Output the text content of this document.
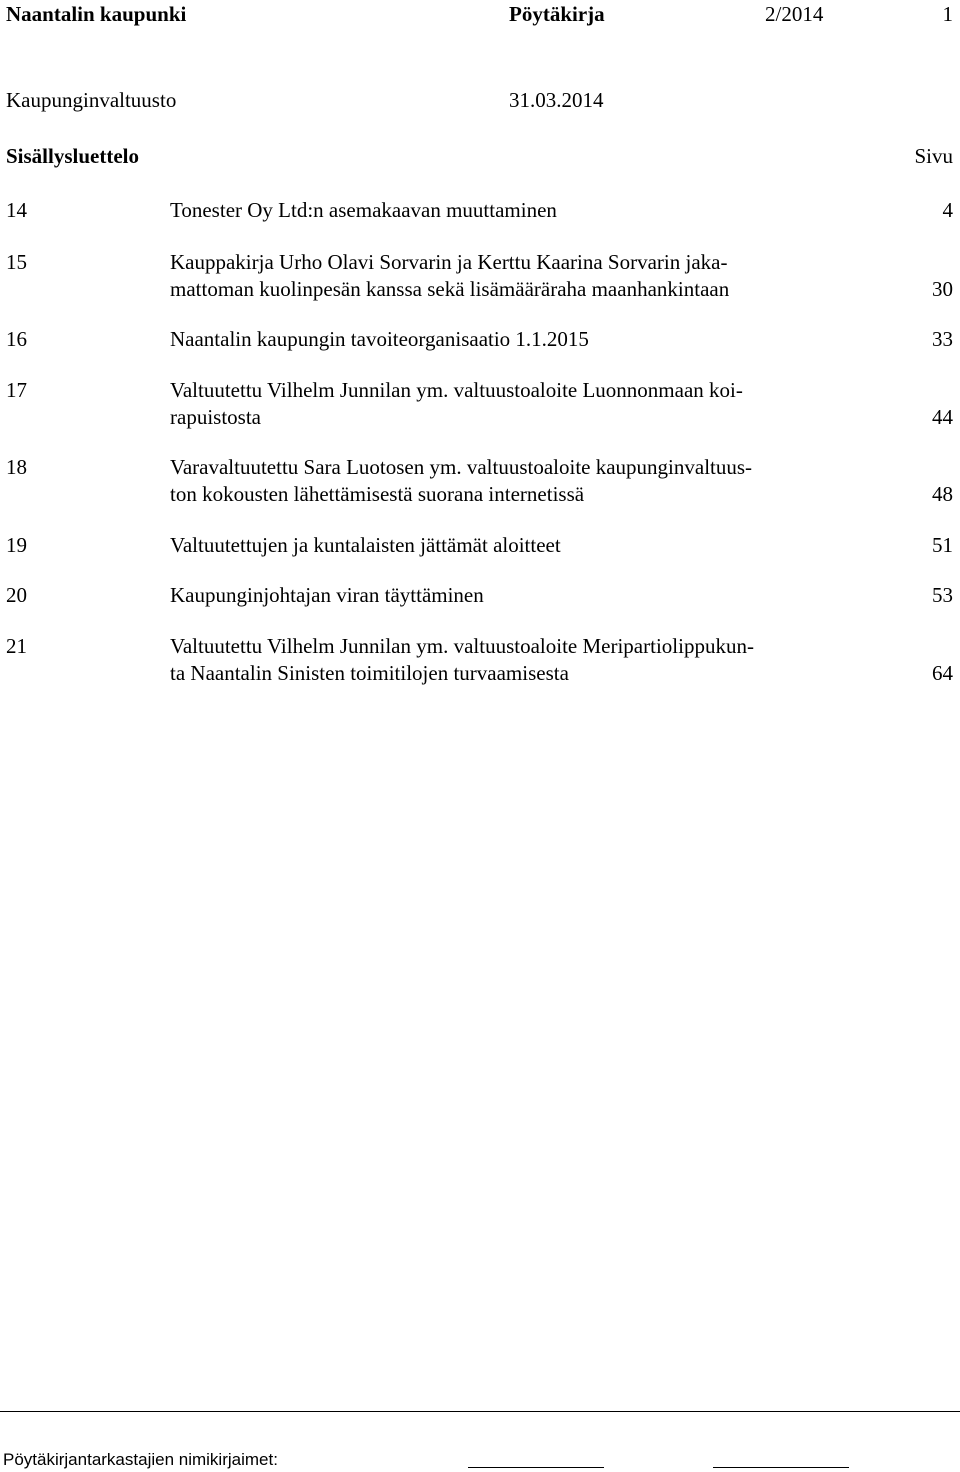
Naantalin kaupunki	Pöytäkirja	2/2014	1
Kaupunginvaltuusto	31.03.2014
Sisällysluettelo	Sivu
14	Tonester Oy Ltd:n asemakaavan muuttaminen	4
15	Kauppakirja Urho Olavi Sorvarin ja Kerttu Kaarina Sorvarin jaka-
mattoman kuolinpesän kanssa sekä lisämääräraha maanhankintaan	30
16	Naantalin kaupungin tavoiteorganisaatio 1.1.2015	33
17	Valtuutettu Vilhelm Junnilan ym. valtuustoaloite Luonnonmaan koi-
rapuistosta	44
18	Varavaltuutettu Sara Luotosen ym. valtuustoaloite kaupunginvaltuus-
ton kokousten lähettämisestä suorana internetissä	48
19	Valtuutettujen ja kuntalaisten jättämät aloitteet	51
20	Kaupunginjohtajan viran täyttäminen	53
21	Valtuutettu Vilhelm Junnilan ym. valtuustoaloite Meripartiolippukun-
ta Naantalin Sinisten toimitilojen turvaamisesta	64
Pöytäkirjantarkastajien nimikirjaimet:
